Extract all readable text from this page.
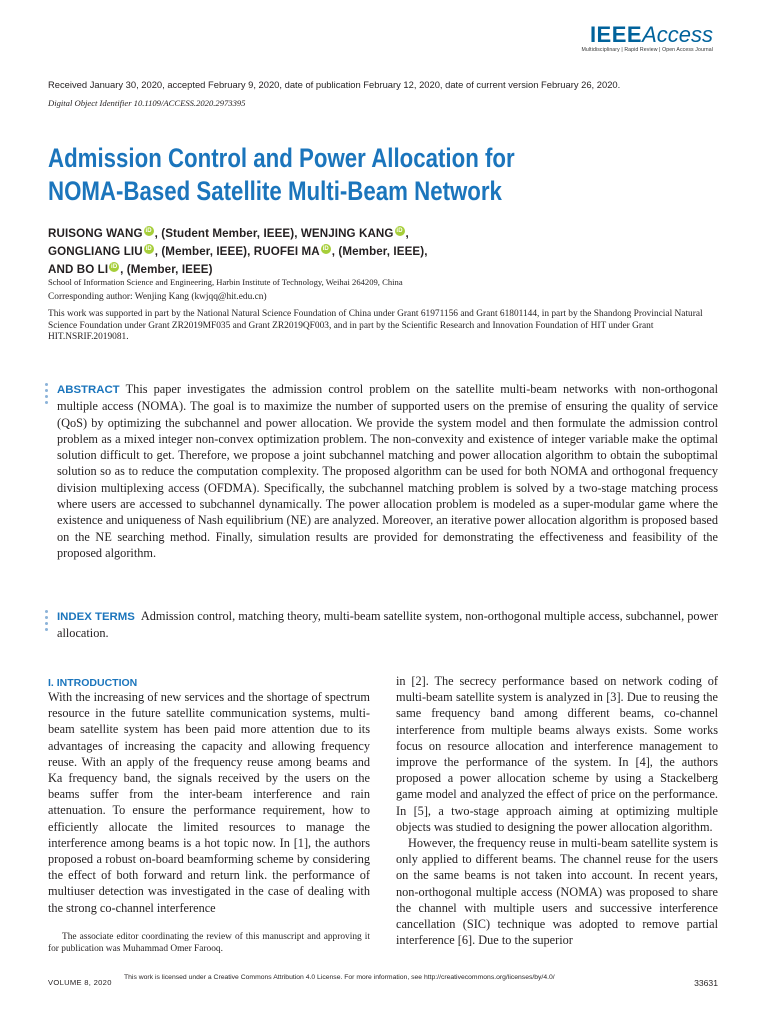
IEEEAccess
Multidisciplinary | Rapid Review | Open Access Journal
Received January 30, 2020, accepted February 9, 2020, date of publication February 12, 2020, date of current version February 26, 2020.
Digital Object Identifier 10.1109/ACCESS.2020.2973395
Admission Control and Power Allocation for
NOMA-Based Satellite Multi-Beam Network
RUISONG WANG iD , (Student Member, IEEE), WENJING KANG iD ,
GONGLIANG LIU iD , (Member, IEEE), RUOFEI MA iD , (Member, IEEE),
AND BO LI iD , (Member, IEEE)
School of Information Science and Engineering, Harbin Institute of Technology, Weihai 264209, China
Corresponding author: Wenjing Kang (kwjqq@hit.edu.cn)
This work was supported in part by the National Natural Science Foundation of China under Grant 61971156 and Grant 61801144, in part by the Shandong Provincial Natural Science Foundation under Grant ZR2019MF035 and Grant ZR2019QF003, and in part by the Scientific Research and Innovation Foundation of HIT under Grant HIT.NSRIF.2019081.
ABSTRACT This paper investigates the admission control problem on the satellite multi-beam networks with non-orthogonal multiple access (NOMA). The goal is to maximize the number of supported users on the premise of ensuring the quality of service (QoS) by optimizing the subchannel and power allocation. We provide the system model and then formulate the admission control problem as a mixed integer non-convex optimization problem. The non-convexity and existence of integer variable make the optimal solution difficult to get. Therefore, we propose a joint subchannel matching and power allocation algorithm to obtain the suboptimal solution so as to reduce the computation complexity. The proposed algorithm can be used for both NOMA and orthogonal frequency division multiplexing access (OFDMA). Specifically, the subchannel matching problem is solved by a two-stage matching process where users are accessed to subchannel dynamically. The power allocation problem is modeled as a super-modular game where the existence and uniqueness of Nash equilibrium (NE) are analyzed. Moreover, an iterative power allocation algorithm is proposed based on the NE searching method. Finally, simulation results are provided for demonstrating the effectiveness and feasibility of the proposed algorithm.
INDEX TERMS Admission control, matching theory, multi-beam satellite system, non-orthogonal multiple access, subchannel, power allocation.
I. INTRODUCTION
With the increasing of new services and the shortage of spectrum resource in the future satellite communication systems, multi-beam satellite system has been paid more attention due to its advantages of increasing the capacity and allowing frequency reuse. With an apply of the frequency reuse among beams and Ka frequency band, the signals received by the users on the beams suffer from the inter-beam interference and rain attenuation. To ensure the performance requirement, how to efficiently allocate the limited resources to manage the interference among beams is a hot topic now. In [1], the authors proposed a robust on-board beamforming scheme by considering the effect of both forward and return link. the performance of multiuser detection was investigated in the case of dealing with the strong co-channel interference
in [2]. The secrecy performance based on network coding of multi-beam satellite system is analyzed in [3]. Due to reusing the same frequency band among different beams, co-channel interference from multiple beams always exists. Some works focus on resource allocation and interference management to improve the performance of the system. In [4], the authors proposed a power allocation scheme by using a Stackelberg game model and analyzed the effect of price on the performance. In [5], a two-stage approach aiming at optimizing multiple objects was studied to designing the power allocation algorithm.
However, the frequency reuse in multi-beam satellite system is only applied to different beams. The channel reuse for the users on the same beams is not taken into account. In recent years, non-orthogonal multiple access (NOMA) was proposed to share the channel with multiple users and successive interference cancellation (SIC) technique was adopted to remove partial interference [6]. Due to the superior
The associate editor coordinating the review of this manuscript and approving it for publication was Muhammad Omer Farooq.
VOLUME 8, 2020
This work is licensed under a Creative Commons Attribution 4.0 License. For more information, see http://creativecommons.org/licenses/by/4.0/
33631
